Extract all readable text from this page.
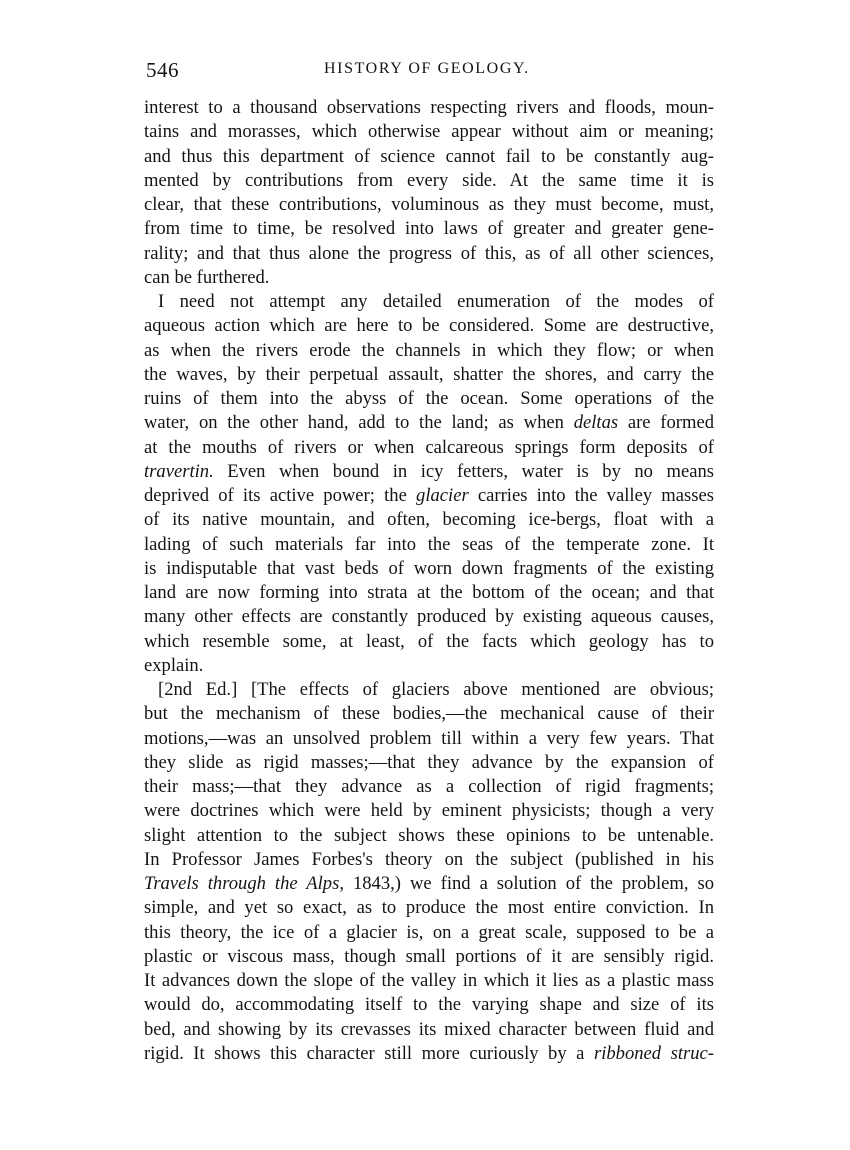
546	HISTORY OF GEOLOGY.
interest to a thousand observations respecting rivers and floods, moun-
tains and morasses, which otherwise appear without aim or meaning;
and thus this department of science cannot fail to be constantly aug-
mented by contributions from every side. At the same time it is
clear, that these contributions, voluminous as they must become, must,
from time to time, be resolved into laws of greater and greater gene-
rality; and that thus alone the progress of this, as of all other sciences,
can be furthered.
I need not attempt any detailed enumeration of the modes of
aqueous action which are here to be considered. Some are destructive,
as when the rivers erode the channels in which they flow; or when
the waves, by their perpetual assault, shatter the shores, and carry the
ruins of them into the abyss of the ocean. Some operations of the
water, on the other hand, add to the land; as when deltas are formed
at the mouths of rivers or when calcareous springs form deposits of
travertin. Even when bound in icy fetters, water is by no means
deprived of its active power; the glacier carries into the valley masses
of its native mountain, and often, becoming ice-bergs, float with a
lading of such materials far into the seas of the temperate zone. It
is indisputable that vast beds of worn down fragments of the existing
land are now forming into strata at the bottom of the ocean; and that
many other effects are constantly produced by existing aqueous causes,
which resemble some, at least, of the facts which geology has to
explain.
[2nd Ed.] [The effects of glaciers above mentioned are obvious;
but the mechanism of these bodies,—the mechanical cause of their
motions,—was an unsolved problem till within a very few years. That
they slide as rigid masses;—that they advance by the expansion of
their mass;—that they advance as a collection of rigid fragments;
were doctrines which were held by eminent physicists; though a very
slight attention to the subject shows these opinions to be untenable.
In Professor James Forbes's theory on the subject (published in his
Travels through the Alps, 1843,) we find a solution of the problem, so
simple, and yet so exact, as to produce the most entire conviction. In
this theory, the ice of a glacier is, on a great scale, supposed to be a
plastic or viscous mass, though small portions of it are sensibly rigid.
It advances down the slope of the valley in which it lies as a plastic mass
would do, accommodating itself to the varying shape and size of its
bed, and showing by its crevasses its mixed character between fluid and
rigid. It shows this character still more curiously by a ribboned struc-
